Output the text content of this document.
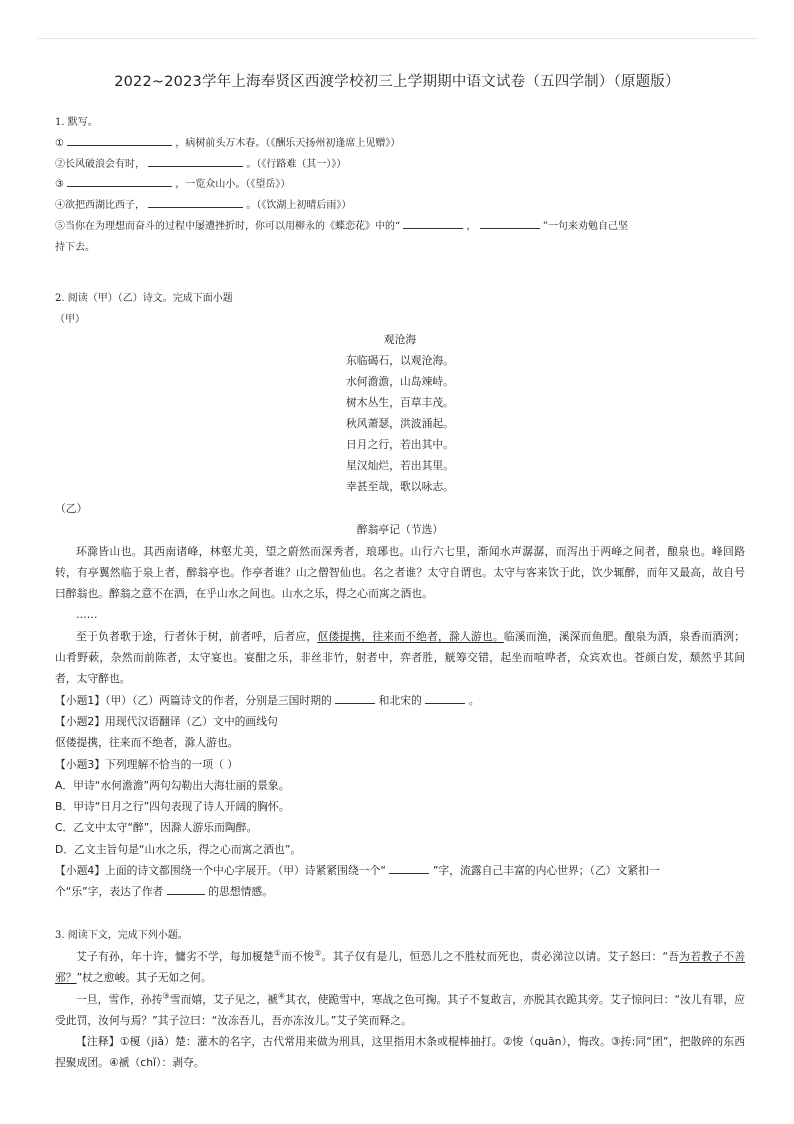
2022~2023学年上海奉贤区西渡学校初三上学期期中语文试卷（五四学制）（原题版）
1. 默写。
①	，病树前头万木春。（《酬乐天扬州初逢席上见赠》）
②长风破浪会有时，	。（《行路难（其一）》）
③	，一览众山小。（《望岳》）
④欲把西湖比西子，	。（《饮湖上初晴后雨》）
⑤当你在为理想而奋斗的过程中屡遭挫折时，你可以用柳永的《蝶恋花》中的“	，	”一句来劝勉自己坚
持下去。
2. 阅读（甲）（乙）诗文。完成下面小题
（甲）
观沧海
东临碣石，以观沧海。
水何澹澹，山岛竦峙。
树木丛生，百草丰茂。
秋风萧瑟，洪波涌起。
日月之行，若出其中。
星汉灿烂，若出其里。
幸甚至哉，歌以咏志。
（乙）
醉翁亭记（节选）
环滁皆山也。其西南诸峰，林壑尤美，望之蔚然而深秀者，琅琊也。山行六七里，渐闻水声潺潺，而泻出于两峰之间者，酿泉也。峰回路转，有亭翼然临于泉上者，醉翁亭也。作亭者谁？山之僧智仙也。名之者谁？太守自谓也。太守与客来饮于此，饮少辄醉，而年又最高，故自号曰醉翁也。醉翁之意不在酒，在乎山水之间也。山水之乐，得之心而寓之酒也。
……
至于负者歌于途，行者休于树，前者呼，后者应，伛偻提携，往来而不绝者，滁人游也。临溪而渔，溪深而鱼肥。酿泉为酒，泉香而酒洌；山肴野蔌，杂然而前陈者，太守宴也。宴酣之乐，非丝非竹，射者中，弈者胜，觥筹交错，起坐而喧哗者，众宾欢也。苍颜白发，颓然乎其间者，太守醉也。
【小题1】（甲）（乙）两篇诗文的作者，分别是三国时期的	和北宋的	。
【小题2】用现代汉语翻译（乙）文中的画线句
伛偻提携，往来而不绝者，滁人游也。
【小题3】下列理解不恰当的一项（ ）
A．甲诗“水何澹澹”两句勾勒出大海壮丽的景象。
B．甲诗“日月之行”四句表现了诗人开阔的胸怀。
C．乙文中太守“醉”，因滁人游乐而陶醉。
D．乙文主旨句是“山水之乐，得之心而寓之酒也”。
【小题4】上面的诗文都围绕一个中心字展开。（甲）诗紧紧围绕一个“	”字，流露自己丰富的内心世界；（乙）文紧扣一
个“乐”字，表达了作者	的思想情感。
3. 阅读下文，完成下列小题。
艾子有孙，年十许，慵劣不学，每加榎楚①而不悛②。其子仅有是儿，恒恐儿之不胜杖而死也，责必涕泣以请。艾子怒曰：“吾为若教子不善邪？”杖之愈峻。其子无如之何。
一旦，雪作，孙抟③雪而嬉，艾子见之，褫④其衣，使跪雪中，寒战之色可掬。其子不复敢言，亦脱其衣跪其旁。艾子惊问曰：“汝儿有罪，应受此罚，汝何与焉？”其子泣曰：“汝冻吾儿，吾亦冻汝儿。”艾子笑而释之。
【注释】①榎（jiǎ）楚：灌木的名字，古代常用来做为刑具，这里指用木条或棍棒抽打。②悛（quān），悔改。③抟:同“团”，把散碎的东西捏聚成团。④褫（chǐ）：剥夺。
